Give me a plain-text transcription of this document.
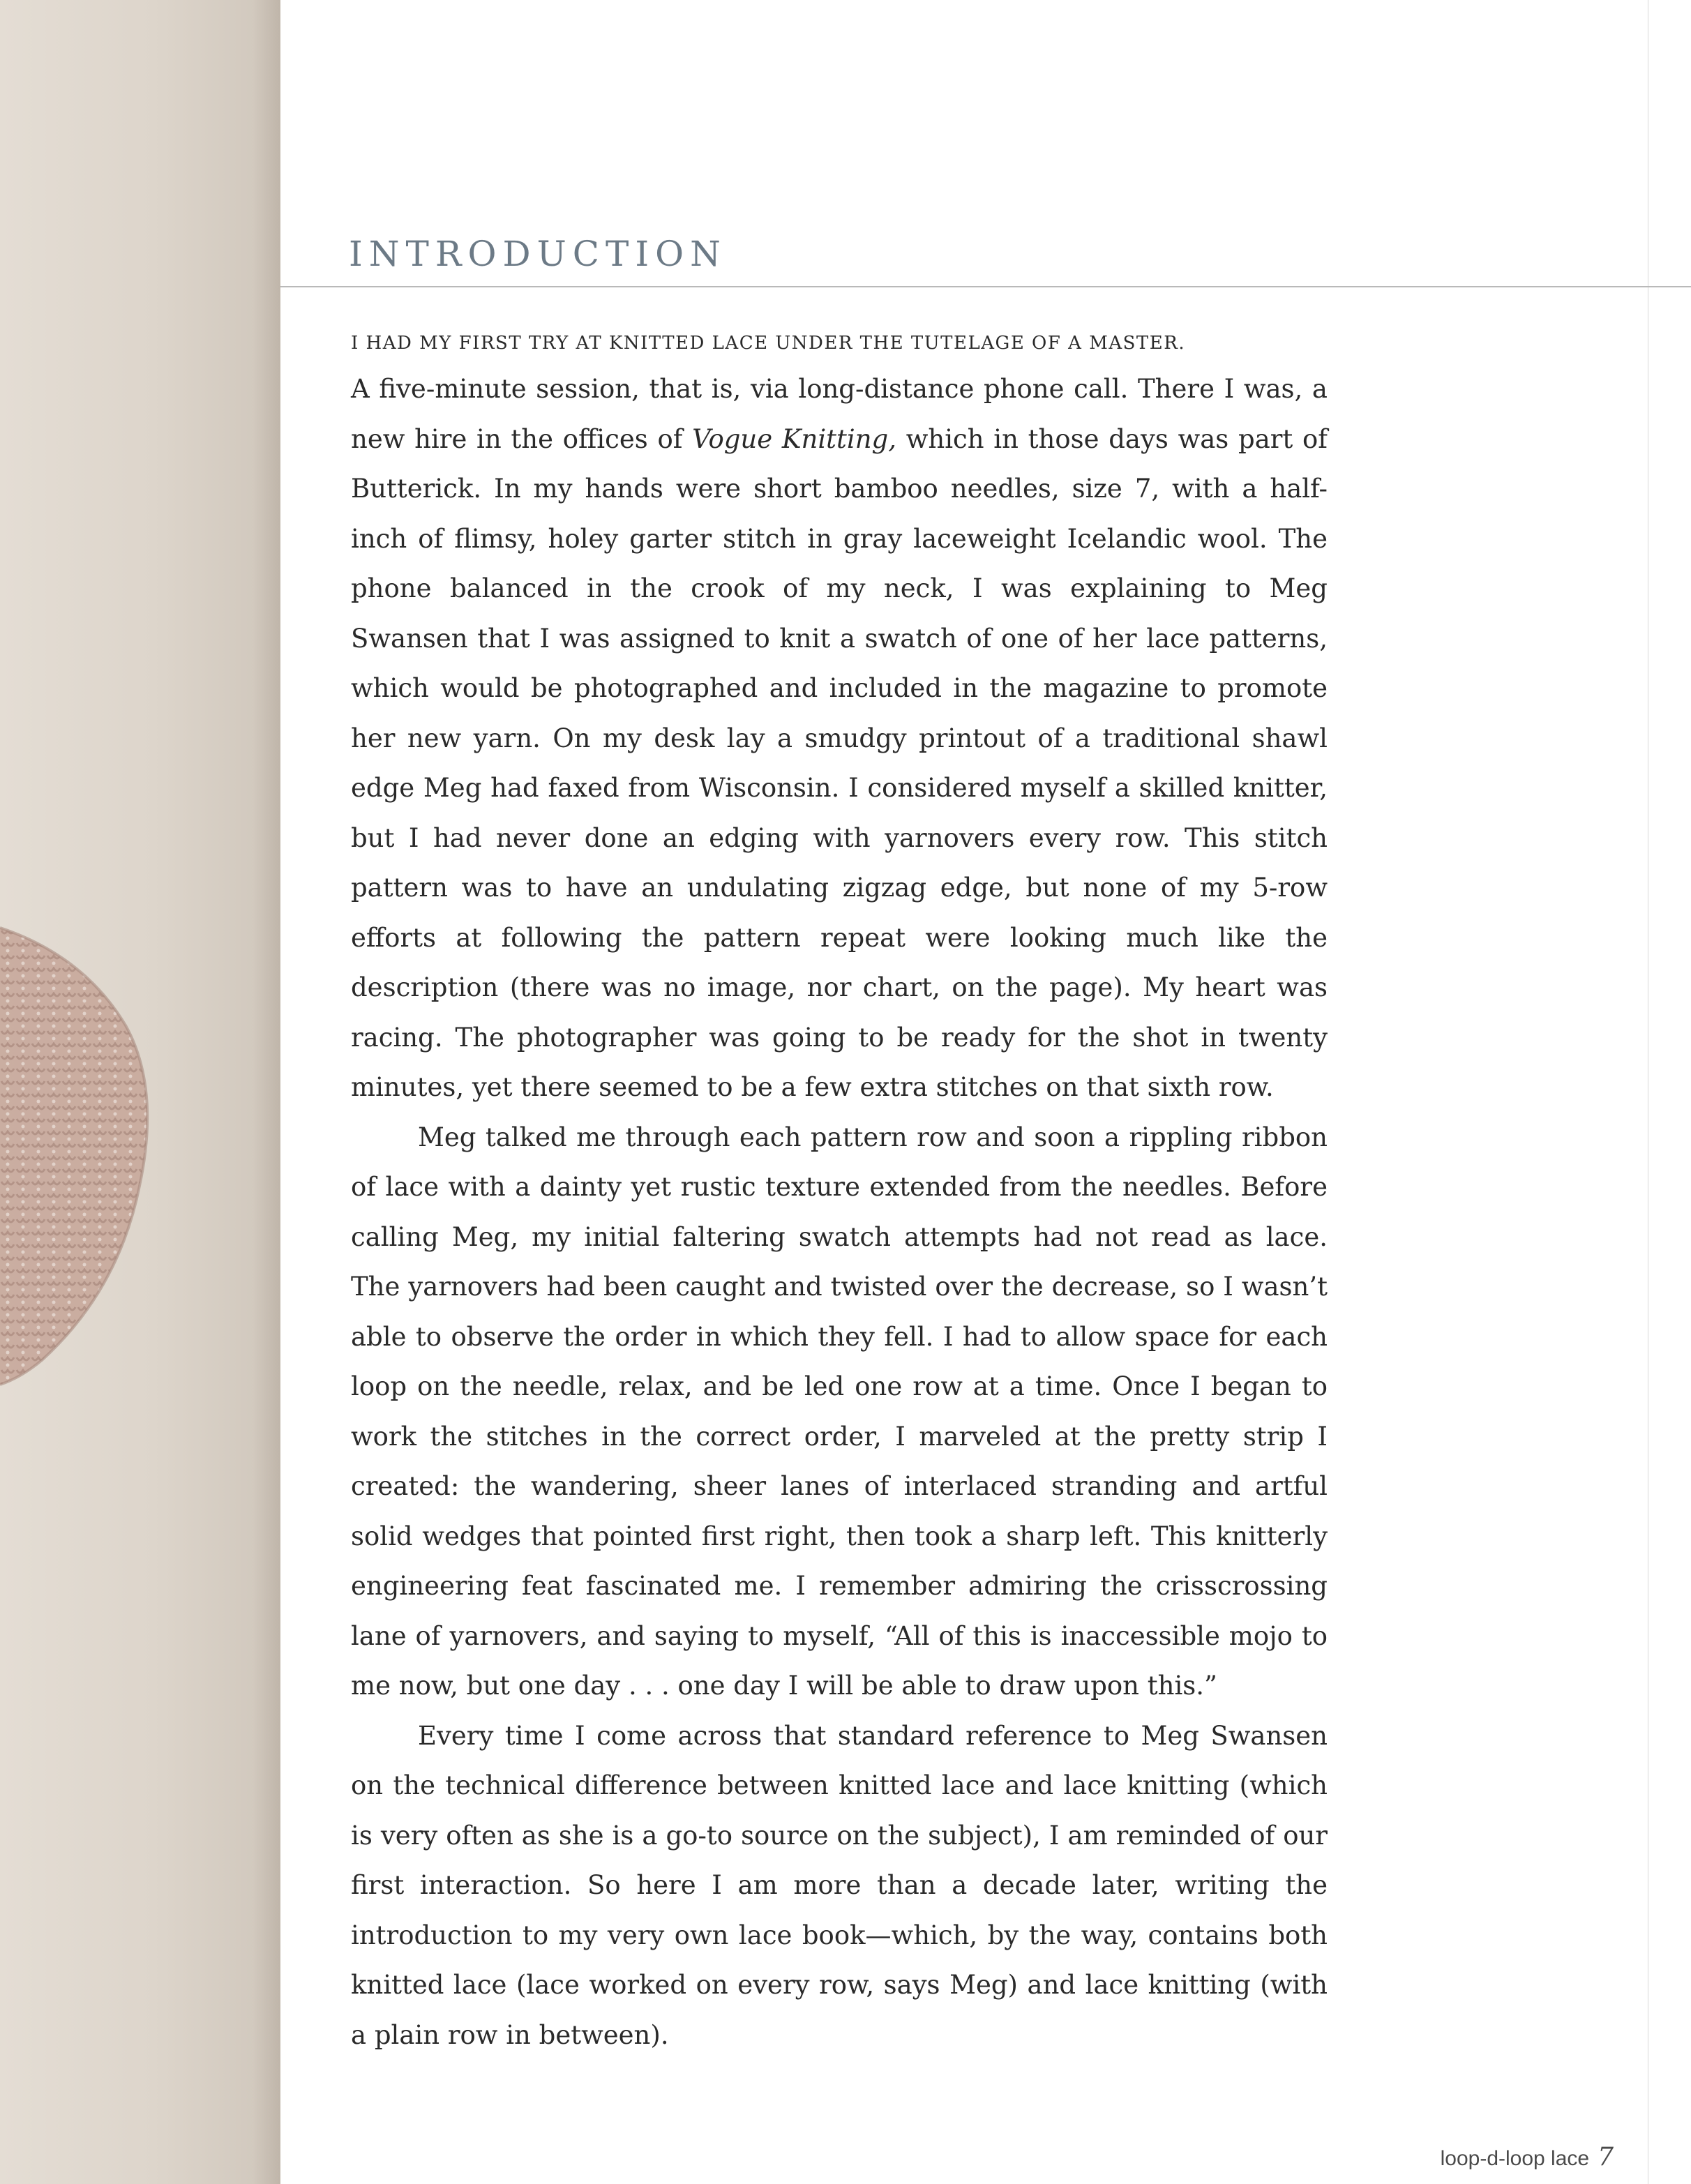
INTRODUCTION

I HAD MY FIRST TRY AT KNITTED LACE UNDER THE TUTELAGE OF A MASTER.
A five-minute session, that is, via long-distance phone call. There I was, a new hire in the offices of Vogue Knitting, which in those days was part of Butterick. In my hands were short bamboo needles, size 7, with a half-inch of flimsy, holey garter stitch in gray laceweight Icelandic wool. The phone balanced in the crook of my neck, I was explaining to Meg Swansen that I was assigned to knit a swatch of one of her lace patterns, which would be photographed and included in the magazine to promote her new yarn. On my desk lay a smudgy printout of a traditional shawl edge Meg had faxed from Wisconsin. I considered myself a skilled knitter, but I had never done an edging with yarnovers every row. This stitch pattern was to have an undulating zigzag edge, but none of my 5-row efforts at following the pattern repeat were looking much like the description (there was no image, nor chart, on the page). My heart was racing. The photographer was going to be ready for the shot in twenty minutes, yet there seemed to be a few extra stitches on that sixth row.

Meg talked me through each pattern row and soon a rippling ribbon of lace with a dainty yet rustic texture extended from the needles. Before calling Meg, my initial faltering swatch attempts had not read as lace. The yarnovers had been caught and twisted over the decrease, so I wasn’t able to observe the order in which they fell. I had to allow space for each loop on the needle, relax, and be led one row at a time. Once I began to work the stitches in the correct order, I marveled at the pretty strip I created: the wandering, sheer lanes of interlaced stranding and artful solid wedges that pointed first right, then took a sharp left. This knitterly engineering feat fascinated me. I remember admiring the crisscrossing lane of yarnovers, and saying to myself, “All of this is inaccessible mojo to me now, but one day . . . one day I will be able to draw upon this.”

Every time I come across that standard reference to Meg Swansen on the technical difference between knitted lace and lace knitting (which is very often as she is a go-to source on the subject), I am reminded of our first interaction. So here I am more than a decade later, writing the introduction to my very own lace book—which, by the way, contains both knitted lace (lace worked on every row, says Meg) and lace knitting (with a plain row in between).

loop-d-loop lace 7
